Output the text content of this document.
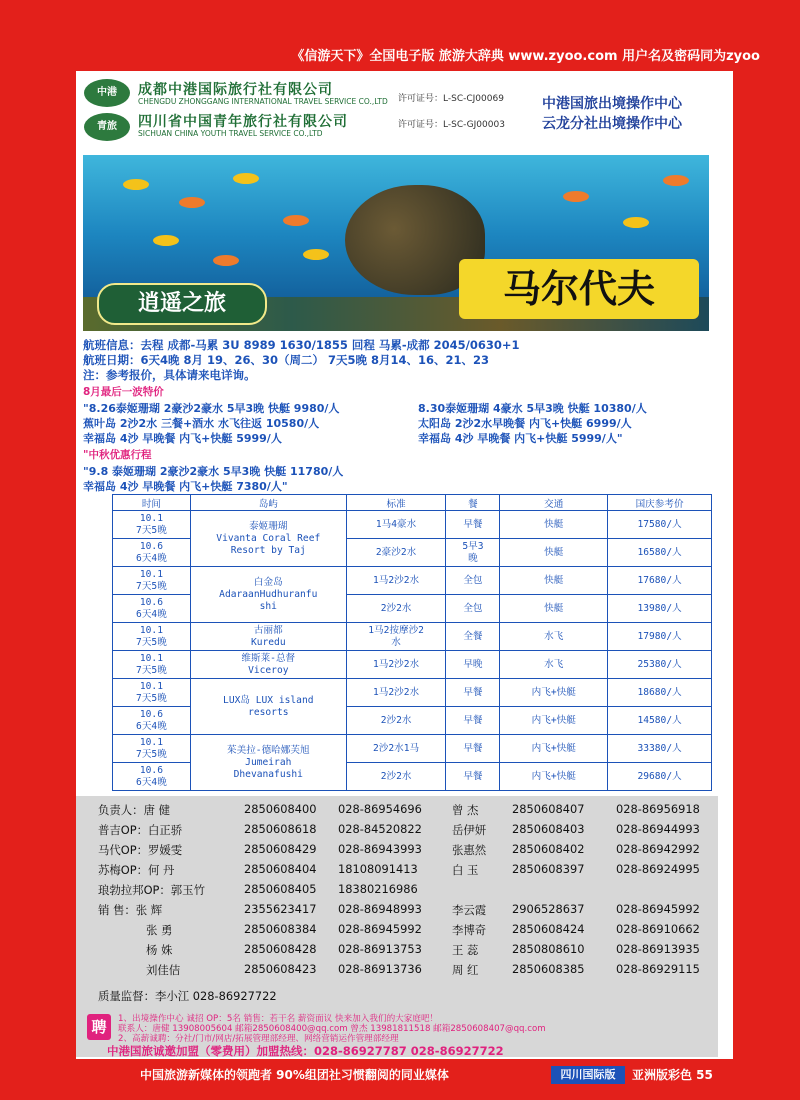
《信游天下》全国电子版 旅游大辞典 www.zyoo.com 用户名及密码同为zyoo
中港	成都中港国际旅行社有限公司
CHENGDU ZHONGGANG INTERNATIONAL TRAVEL SERVICE CO.,LTD 许可证号：L-SC-CJ00069
青旅	四川省中国青年旅行社有限公司
SICHUAN CHINA YOUTH TRAVEL SERVICE CO.,LTD
许可证号：L-SC-GJ00003
中港国旅出境操作中心
云龙分社出境操作中心
逍遥之旅	马尔代夫
航班信息：去程 成都-马累 3U 8989 1630/1855 回程 马累-成都 2045/0630+1
航班日期：6天4晚 8月 19、26、30（周二） 7天5晚 8月14、16、21、23
注：参考报价，具体请来电详询。
8月最后一波特价
"8.26泰姬珊瑚 2豪沙2豪水 5早3晚 快艇 9980/人
蕉叶岛 2沙2水 三餐+酒水 水飞往返 10580/人
幸福岛 4沙 早晚餐 内飞+快艇 5999/人
8.30泰姬珊瑚 4豪水 5早3晚 快艇 10380/人
太阳岛 2沙2水早晚餐 内飞+快艇 6999/人
幸福岛 4沙 早晚餐 内飞+快艇 5999/人"
"中秋优惠行程
"9.8 泰姬珊瑚 2豪沙2豪水 5早3晚 快艇 11780/人
幸福岛 4沙 早晚餐 内飞+快艇 7380/人"
时间	岛屿	标准	餐	交通	国庆参考价
10.1
7天5晚	泰姬珊瑚
Vivanta Coral Reef
Resort by Taj	1马4豪水	早餐	快艇	17580/人
10.6
6天4晚		2豪沙2水	5早3
晚	快艇	16580/人
10.1
7天5晚	白金岛
AdaraanHudhuranfu
shi	1马2沙2水	全包	快艇	17680/人
10.6
6天4晚		2沙2水	全包	快艇	13980/人
10.1
7天5晚	古丽都
Kuredu	1马2按摩沙2
水	全餐	水飞	17980/人
10.1
7天5晚	维斯莱-总督
Viceroy	1马2沙2水	早晚	水飞	25380/人
10.1
7天5晚	LUX岛 LUX island
resorts	1马2沙2水	早餐	内飞+快艇	18680/人
10.6
6天4晚		2沙2水	早餐	内飞+快艇	14580/人
10.1
7天5晚	茱美拉-德哈娜芙旭
Jumeirah
Dhevanafushi	2沙2水1马	早餐	内飞+快艇	33380/人
10.6
6天4晚		2沙2水	早餐	内飞+快艇	29680/人
质量监督：李小江 028-86927722
负责人：唐 健	2850608400 028-86954696
普吉OP：白正骄	2850608618 028-84520822
马代OP：罗媛雯	2850608429 028-86943993
苏梅OP：何 丹	2850608404 18108091413
琅勃拉邦OP：郭玉竹	2850608405 18380216986
销 售：张 辉	2355623417 028-86948993
张 勇	2850608384 028-86945992
杨 姝	2850608428 028-86913753
刘佳佶	2850608423 028-86913736
曾 杰	2850608407	028-86956918
岳伊妍 2850608403	028-86944993
张惠然 2850608402	028-86942992
白 玉	2850608397	028-86924995
李云霞 2906528637	028-86945992
李博奇 2850608424	028-86910662
王 蕊	2850808610	028-86913935
周 红	2850608385	028-86929115
聘	1、出境操作中心 诚招 OP：5名 销售：若干名 薪资面议 快来加入我们的大家庭吧！
联系人：唐健 13908005604 邮箱2850608400@qq.com 曾杰 13981811518 邮箱2850608407@qq.com
2、高薪诚聘：分社/门市/网店/拓展管理部经理、网络营销运作管理部经理
中港国旅诚邀加盟（零费用）加盟热线：028-86927787 028-86927722
中国旅游新媒体的领跑者 90%组团社习惯翻阅的同业媒体	四川国际版	亚洲版彩色 55
